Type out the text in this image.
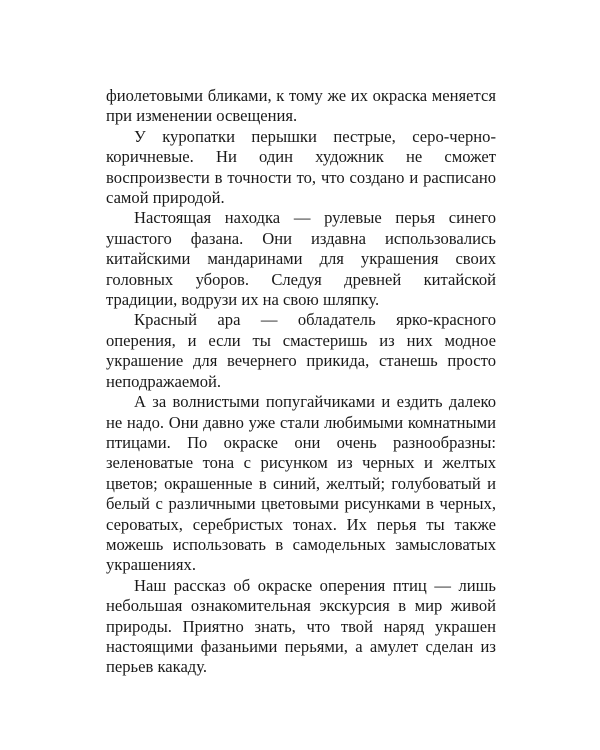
фиолетовыми бликами, к тому же их окраска меняется при изменении освещения.

У куропатки перышки пестрые, серо-черно-коричневые. Ни один художник не сможет воспроизвести в точности то, что создано и расписано самой природой.

Настоящая находка — рулевые перья синего ушастого фазана. Они издавна использовались китайскими мандаринами для украшения своих головных уборов. Следуя древней китайской традиции, водрузи их на свою шляпку.

Красный ара — обладатель ярко-красного оперения, и если ты смастеришь из них модное украшение для вечернего прикида, станешь просто неподражаемой.

А за волнистыми попугайчиками и ездить далеко не надо. Они давно уже стали любимыми комнатными птицами. По окраске они очень разнообразны: зеленоватые тона с рисунком из черных и желтых цветов; окрашенные в синий, желтый; голубоватый и белый с различными цветовыми рисунками в черных, сероватых, серебристых тонах. Их перья ты также можешь использовать в самодельных замысловатых украшениях.

Наш рассказ об окраске оперения птиц — лишь небольшая ознакомительная экскурсия в мир живой природы. Приятно знать, что твой наряд украшен настоящими фазаньими перьями, а амулет сделан из перьев какаду.
